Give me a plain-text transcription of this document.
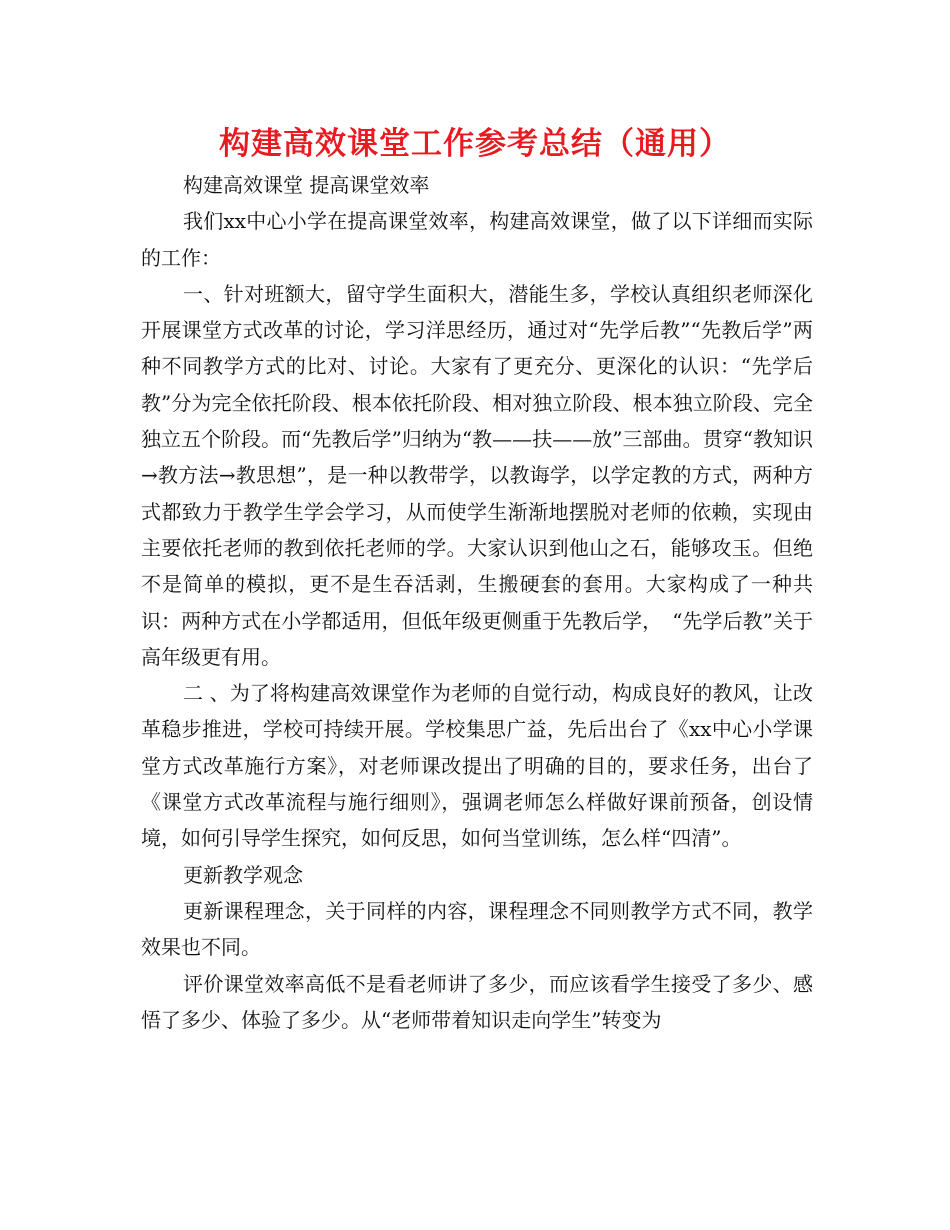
构建高效课堂工作参考总结（通用）

构建高效课堂 提高课堂效率

我们xx中心小学在提高课堂效率，构建高效课堂，做了以下详细而实际的工作：

一、针对班额大，留守学生面积大，潜能生多，学校认真组织老师深化开展课堂方式改革的讨论，学习洋思经历，通过对“先学后教”“先教后学”两种不同教学方式的比对、讨论。大家有了更充分、更深化的认识：“先学后教”分为完全依托阶段、根本依托阶段、相对独立阶段、根本独立阶段、完全独立五个阶段。而“先教后学”归纳为“教——扶——放”三部曲。贯穿“教知识→教方法→教思想”，是一种以教带学，以教诲学，以学定教的方式，两种方式都致力于教学生学会学习，从而使学生渐渐地摆脱对老师的依赖，实现由主要依托老师的教到依托老师的学。大家认识到他山之石，能够攻玉。但绝不是简单的模拟，更不是生吞活剥，生搬硬套的套用。大家构成了一种共识：两种方式在小学都适用，但低年级更侧重于先教后学，　“先学后教”关于高年级更有用。

二 、为了将构建高效课堂作为老师的自觉行动，构成良好的教风，让改革稳步推进，学校可持续开展。学校集思广益，先后出台了《xx中心小学课堂方式改革施行方案》，对老师课改提出了明确的目的，要求任务，出台了《课堂方式改革流程与施行细则》，强调老师怎么样做好课前预备，创设情境，如何引导学生探究，如何反思，如何当堂训练，怎么样“四清”。

更新教学观念

更新课程理念，关于同样的内容，课程理念不同则教学方式不同，教学效果也不同。

评价课堂效率高低不是看老师讲了多少，而应该看学生接受了多少、感悟了多少、体验了多少。从“老师带着知识走向学生”转变为
